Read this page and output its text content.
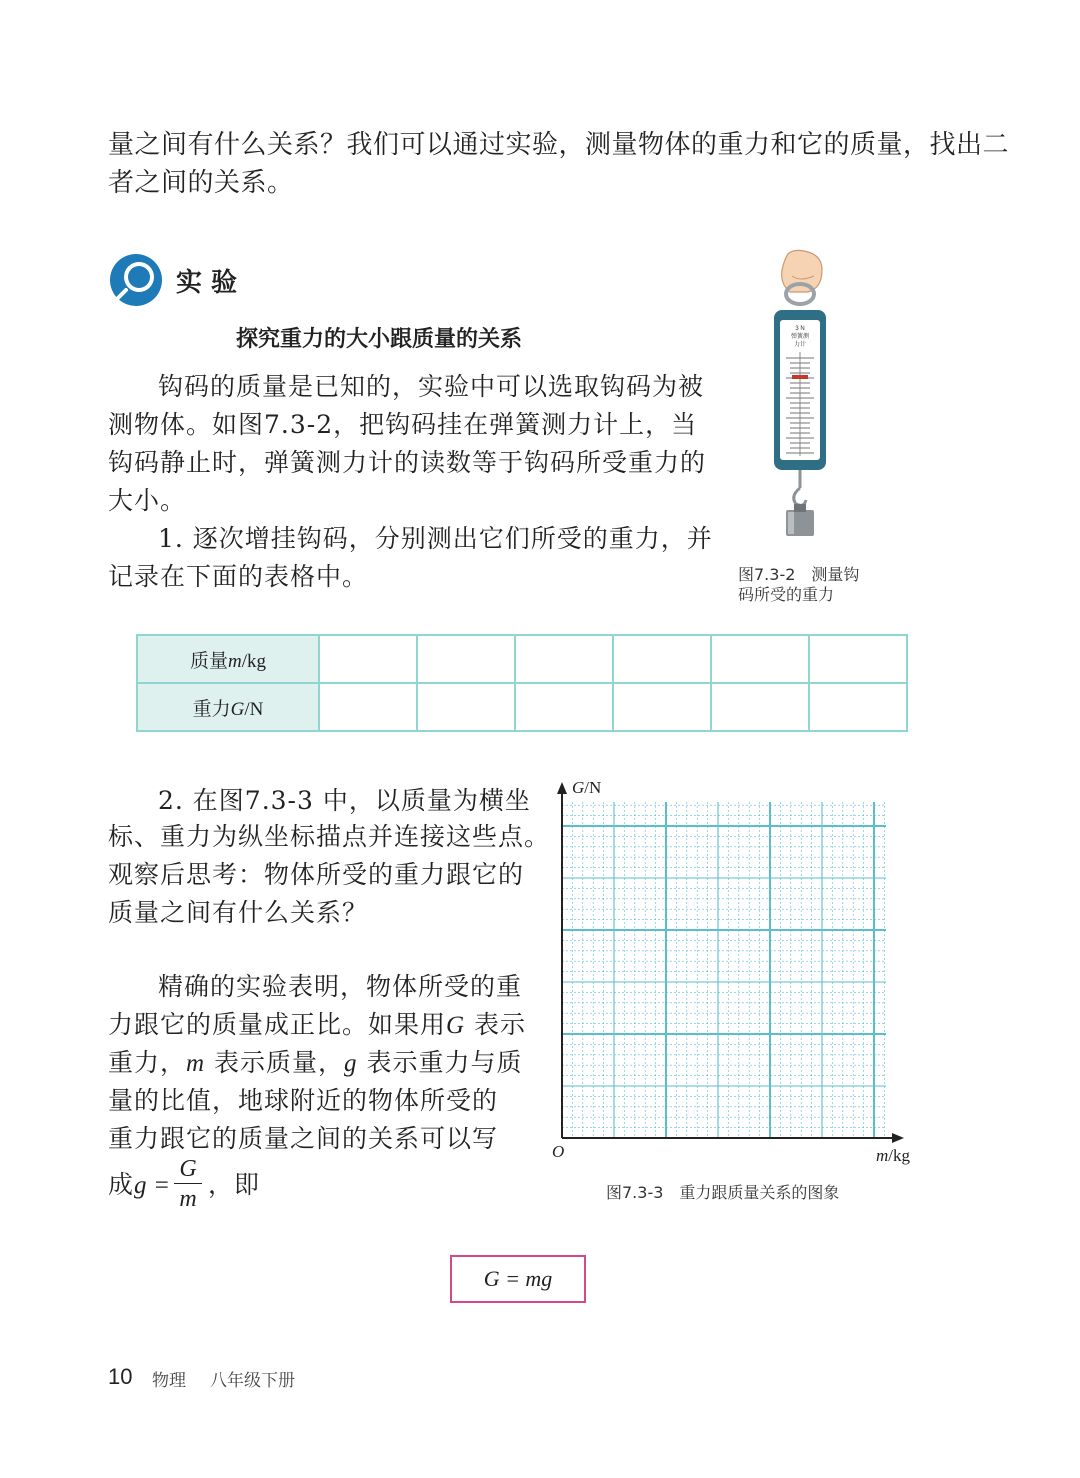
量之间有什么关系？我们可以通过实验，测量物体的重力和它的质量，找出二
者之间的关系。
实 验
探究重力的大小跟质量的关系
钩码的质量是已知的，实验中可以选取钩码为被
测物体。如图7.3-2，把钩码挂在弹簧测力计上，当
钩码静止时，弹簧测力计的读数等于钩码所受重力的
大小。
1. 逐次增挂钩码，分别测出它们所受的重力，并
记录在下面的表格中。
3 N
弹簧测
力计
图7.3-2　测量钩
码所受的重力
质量m/kg						
重力G/N						
2. 在图7.3-3 中，以质量为横坐
标、重力为纵坐标描点并连接这些点。
观察后思考：物体所受的重力跟它的
质量之间有什么关系？
精确的实验表明，物体所受的重
力跟它的质量成正比。如果用G 表示
重力，m 表示质量，g 表示重力与质
量的比值，地球附近的物体所受的
重力跟它的质量之间的关系可以写
成g =
G
m ，即
G/N
m/kg
O
图7.3-3　重力跟质量关系的图象
G = mg
10 物理 八年级下册
